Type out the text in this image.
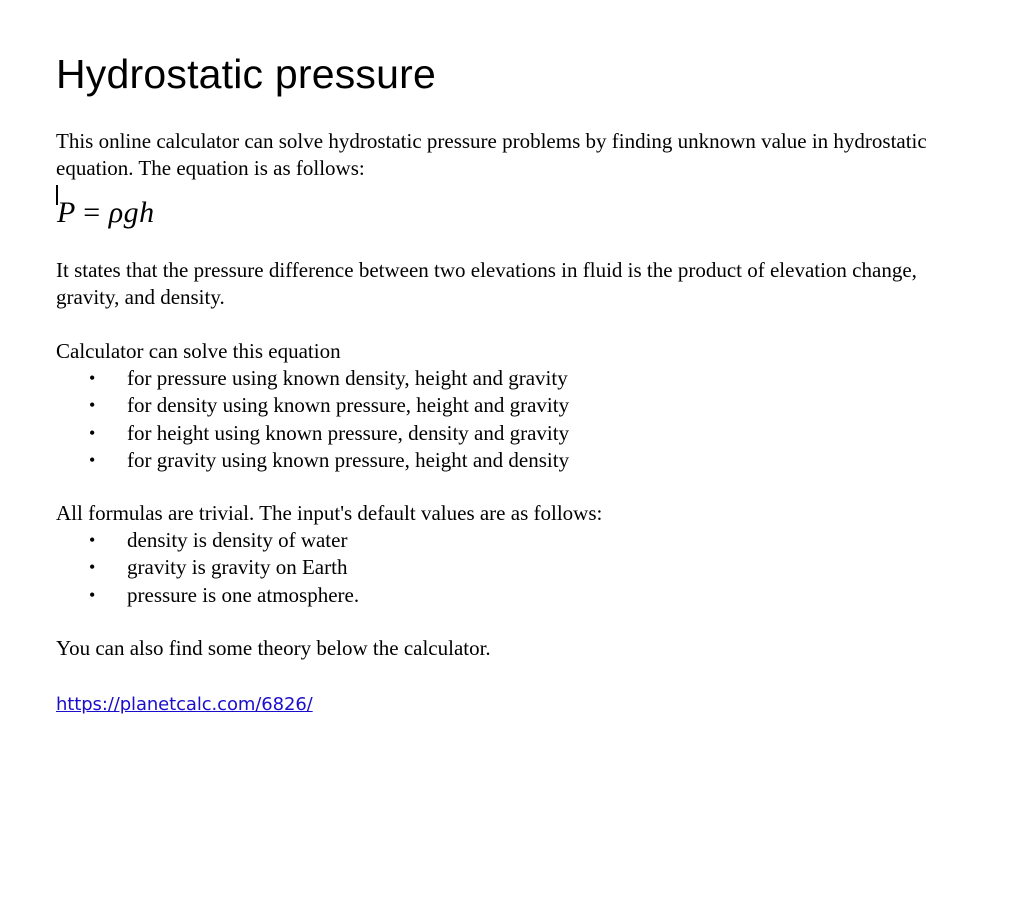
Hydrostatic pressure

This online calculator can solve hydrostatic pressure problems by finding unknown value in hydrostatic equation. The equation is as follows:

P = ρgh

It states that the pressure difference between two elevations in fluid is the product of elevation change, gravity, and density.

Calculator can solve this equation

• for pressure using known density, height and gravity
• for density using known pressure, height and gravity
• for height using known pressure, density and gravity
• for gravity using known pressure, height and density

All formulas are trivial. The input's default values are as follows:

• density is density of water
• gravity is gravity on Earth
• pressure is one atmosphere.

You can also find some theory below the calculator.

https://planetcalc.com/6826/
